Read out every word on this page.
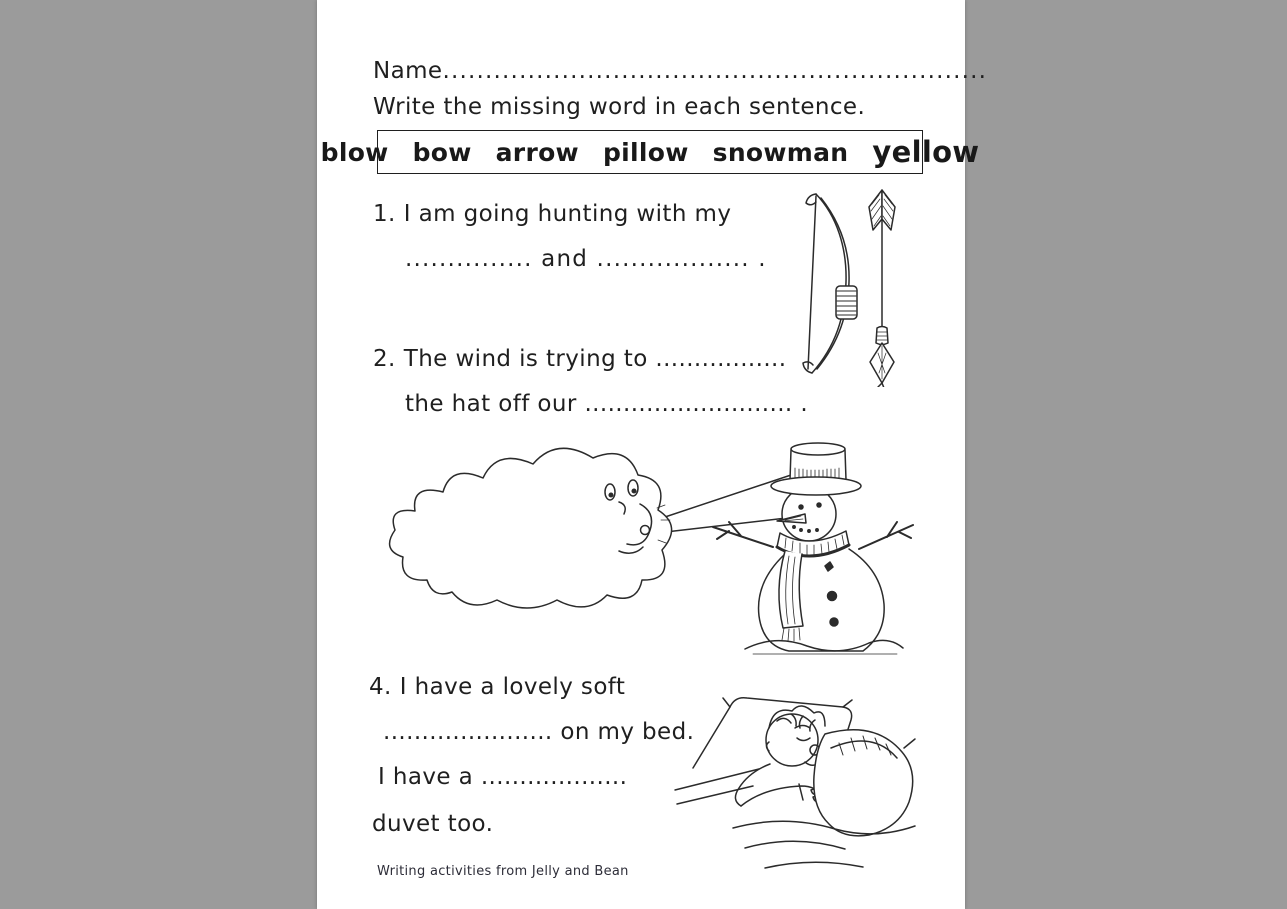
Name................................................................
Write the missing word in each sentence.
blow bow arrow pillow snowman yellow
1. I am going hunting with my
............... and .................. .
2. The wind is trying to .................
the hat off our ........................... .
4. I have a lovely soft
...................... on my bed.
I have a ...................
duvet too.
Writing activities from Jelly and Bean
